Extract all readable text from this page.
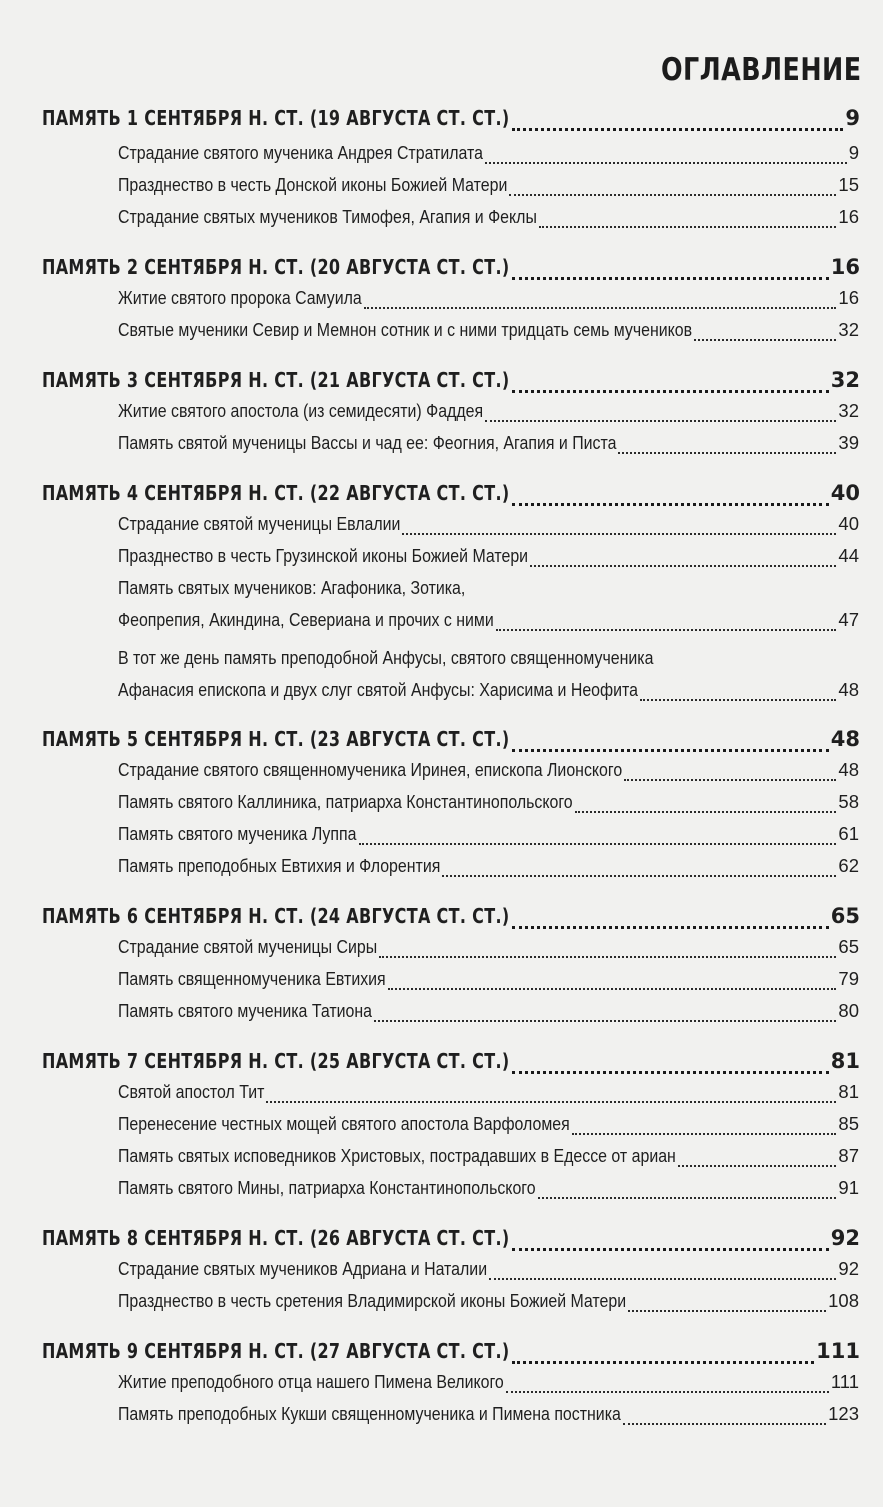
ОГЛАВЛЕНИЕ
ПАМЯТЬ 1 СЕНТЯБРЯ Н. СТ. (19 АВГУСТА СТ. СТ.)	9
Страдание святого мученика Андрея Стратилата	9
Празднество в честь Донской иконы Божией Матери	15
Страдание святых мучеников Тимофея, Агапия и Феклы	16
ПАМЯТЬ 2 СЕНТЯБРЯ Н. СТ. (20 АВГУСТА СТ. СТ.)	16
Житие святого пророка Самуила	16
Святые мученики Севир и Мемнон сотник и с ними тридцать семь мучеников	32
ПАМЯТЬ 3 СЕНТЯБРЯ Н. СТ. (21 АВГУСТА СТ. СТ.)	32
Житие святого апостола (из семидесяти) Фаддея	32
Память святой мученицы Вассы и чад ее: Феогния, Агапия и Писта	39
ПАМЯТЬ 4 СЕНТЯБРЯ Н. СТ. (22 АВГУСТА СТ. СТ.)	40
Страдание святой мученицы Евлалии	40
Празднество в честь Грузинской иконы Божией Матери	44
Память святых мучеников: Агафоника, Зотика,
Феопрепия, Акиндина, Севериана и прочих с ними	47
В тот же день память преподобной Анфусы, святого священномученика
Афанасия епископа и двух слуг святой Анфусы: Харисима и Неофита	48
ПАМЯТЬ 5 СЕНТЯБРЯ Н. СТ. (23 АВГУСТА СТ. СТ.)	48
Страдание святого священномученика Иринея, епископа Лионского	48
Память святого Каллиника, патриарха Константинопольского	58
Память святого мученика Луппа	61
Память преподобных Евтихия и Флорентия	62
ПАМЯТЬ 6 СЕНТЯБРЯ Н. СТ. (24 АВГУСТА СТ. СТ.)	65
Страдание святой мученицы Сиры	65
Память священномученика Евтихия	79
Память святого мученика Татиона	80
ПАМЯТЬ 7 СЕНТЯБРЯ Н. СТ. (25 АВГУСТА СТ. СТ.)	81
Святой апостол Тит	81
Перенесение честных мощей святого апостола Варфоломея	85
Память святых исповедников Христовых, пострадавших в Едессе от ариан	87
Память святого Мины, патриарха Константинопольского	91
ПАМЯТЬ 8 СЕНТЯБРЯ Н. СТ. (26 АВГУСТА СТ. СТ.)	92
Страдание святых мучеников Адриана и Наталии	92
Празднество в честь сретения Владимирской иконы Божией Матери	108
ПАМЯТЬ 9 СЕНТЯБРЯ Н. СТ. (27 АВГУСТА СТ. СТ.)	111
Житие преподобного отца нашего Пимена Великого	111
Память преподобных Кукши священномученика и Пимена постника	123
